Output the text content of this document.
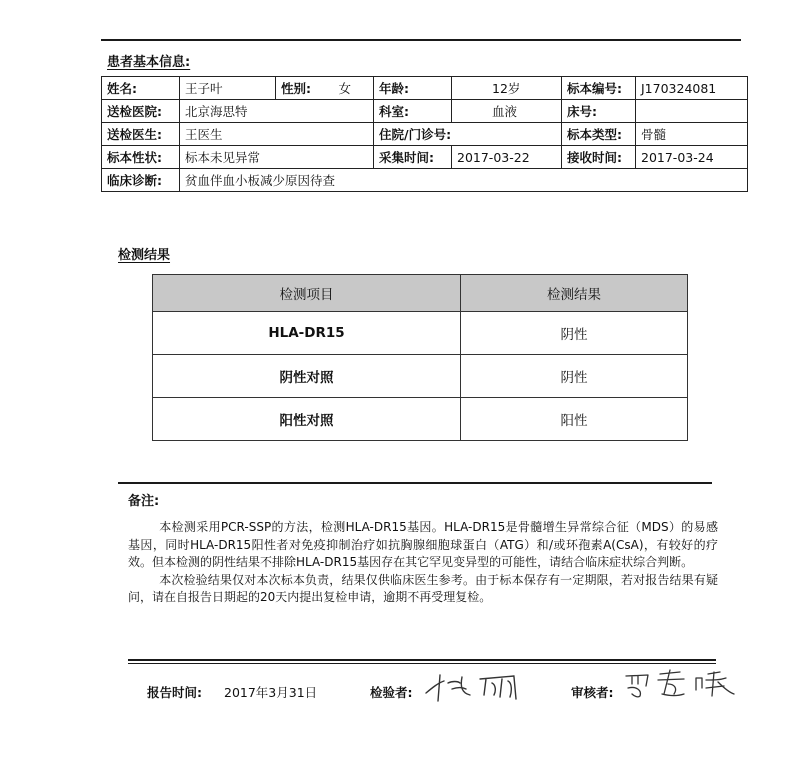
患者基本信息:
姓名:	王子叶	性别:	女	年龄:	12岁	标本编号:	J170324081
送检医院:	北京海思特			科室:	血液	床号:	
送检医生:	王医生			住院/门诊号:		标本类型:	骨髓
标本性状:	标本未见异常			采集时间:	2017-03-22	接收时间:	2017-03-24
临床诊断:	贫血伴血小板减少原因待查						
检测结果
检测项目	检测结果
HLA-DR15	阴性
阴性对照	阴性
阳性对照	阳性
备注:

本检测采用PCR-SSP的方法，检测HLA-DR15基因。HLA-DR15是骨髓增生异常综合征（MDS）的易感基因，同时HLA-DR15阳性者对免疫抑制治疗如抗胸腺细胞球蛋白（ATG）和/或环孢素A(CsA)，有较好的疗效。但本检测的阴性结果不排除HLA-DR15基因存在其它罕见变异型的可能性，请结合临床症状综合判断。

本次检验结果仅对本次标本负责，结果仅供临床医生参考。由于标本保存有一定期限，若对报告结果有疑问，请在自报告日期起的20天内提出复检申请，逾期不再受理复检。

报告时间: 2017年3月31日	检验者:	审核者:
